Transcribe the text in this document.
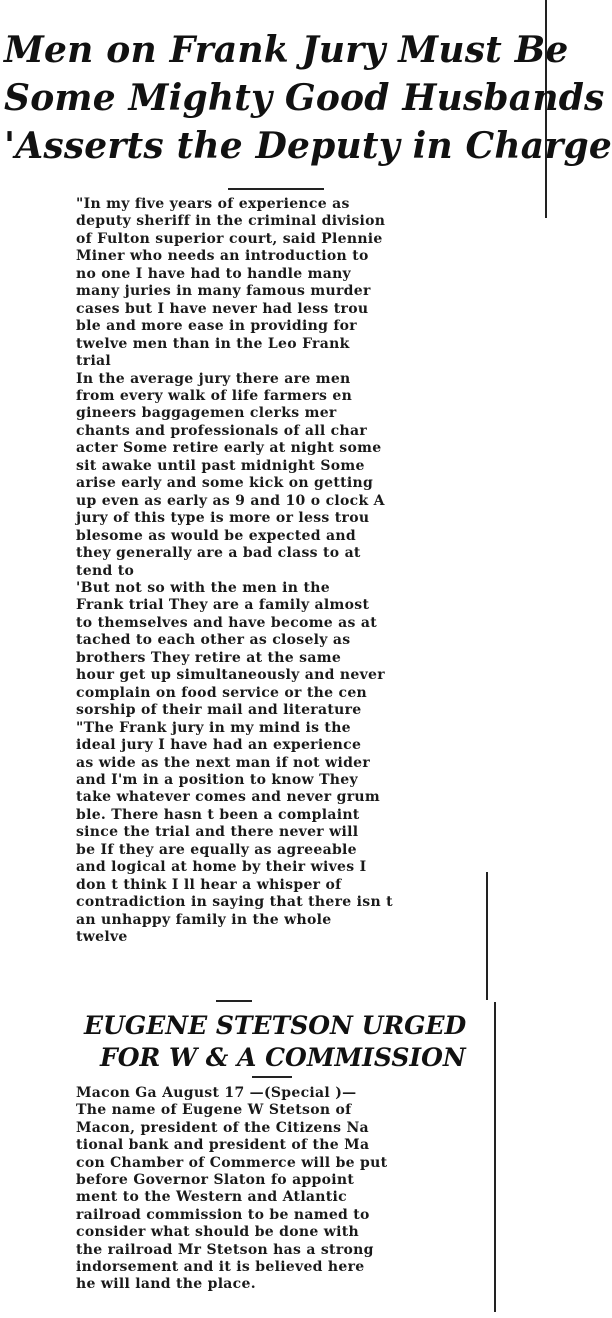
Men on Frank Jury Must Be
Some Mighty Good Husbands
'Asserts the Deputy in Charge
"In my five years of experience as
deputy sheriff in the criminal division
of Fulton superior court, said Plennie
Miner who needs an introduction to
no one I have had to handle many
many juries in many famous murder
cases but I have never had less trou
ble and more ease in providing for
twelve men than in the Leo Frank
trial
In the average jury there are men
from every walk of life farmers en
gineers baggagemen clerks mer
chants and professionals of all char
acter Some retire early at night some
sit awake until past midnight Some
arise early and some kick on getting
up even as early as 9 and 10 o clock A
jury of this type is more or less trou
blesome as would be expected and
they generally are a bad class to at
tend to
'But not so with the men in the
Frank trial They are a family almost
to themselves and have become as at
tached to each other as closely as
brothers They retire at the same
hour get up simultaneously and never
complain on food service or the cen
sorship of their mail and literature
"The Frank jury in my mind is the
ideal jury I have had an experience
as wide as the next man if not wider
and I'm in a position to know They
take whatever comes and never grum
ble. There hasn t been a complaint
since the trial and there never will
be If they are equally as agreeable
and logical at home by their wives I
don t think I ll hear a whisper of
contradiction in saying that there isn t
an unhappy family in the whole
twelve
EUGENE STETSON URGED
FOR W & A COMMISSION
Macon Ga August 17 —(Special )—
The name of Eugene W Stetson of
Macon, president of the Citizens Na
tional bank and president of the Ma
con Chamber of Commerce will be put
before Governor Slaton fo appoint
ment to the Western and Atlantic
railroad commission to be named to
consider what should be done with
the railroad Mr Stetson has a strong
indorsement and it is believed here
he will land the place.
